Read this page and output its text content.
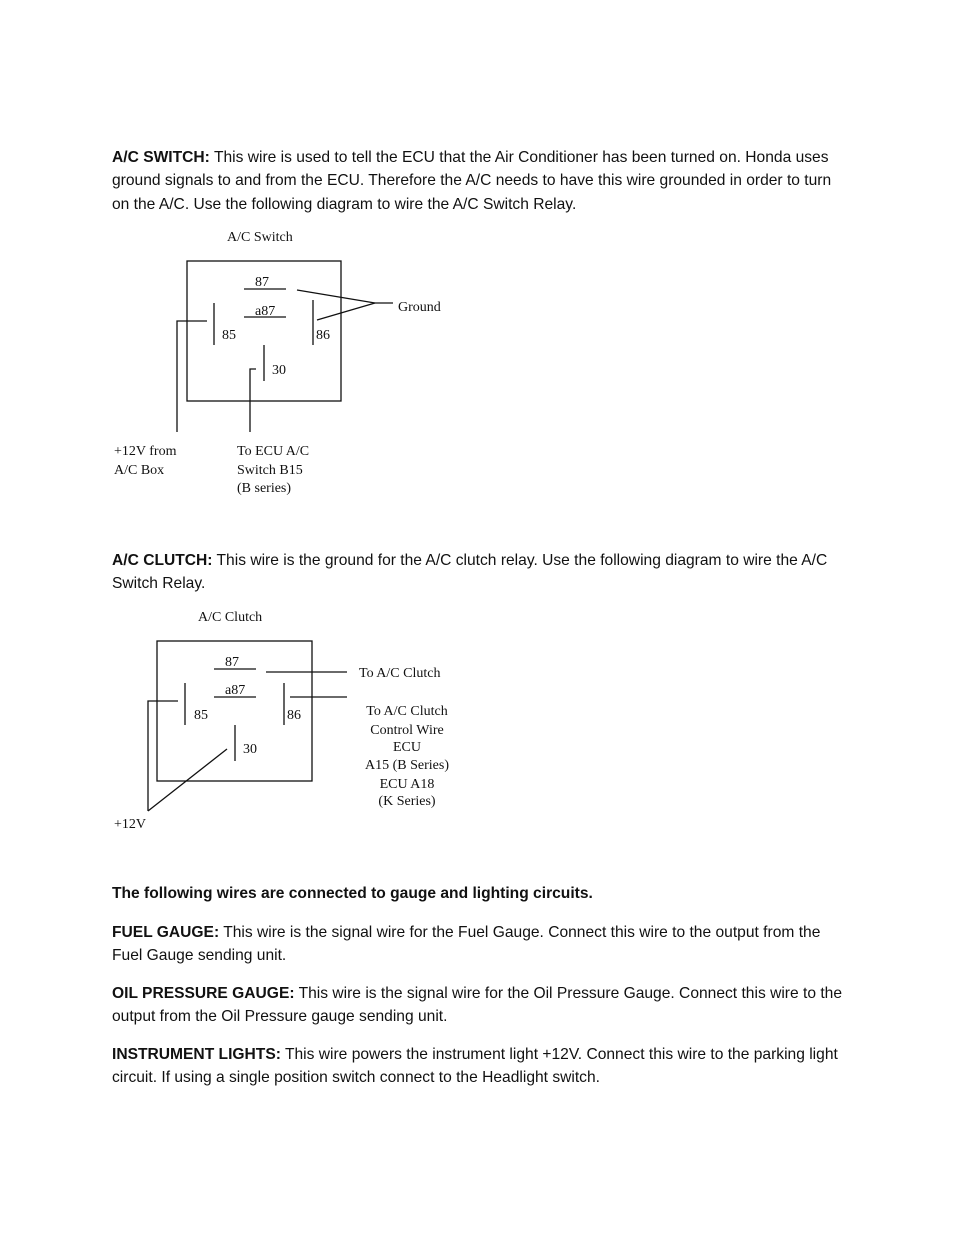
A/C SWITCH: This wire is used to tell the ECU that the Air Conditioner has been turned on. Honda uses ground signals to and from the ECU. Therefore the A/C needs to have this wire grounded in order to turn on the A/C. Use the following diagram to wire the A/C Switch Relay.
A/C CLUTCH: This wire is the ground for the A/C clutch relay. Use the following diagram to wire the A/C Switch Relay.
The following wires are connected to gauge and lighting circuits.
FUEL GAUGE: This wire is the signal wire for the Fuel Gauge. Connect this wire to the output from the Fuel Gauge sending unit.
OIL PRESSURE GAUGE: This wire is the signal wire for the Oil Pressure Gauge. Connect this wire to the output from the Oil Pressure gauge sending unit.
INSTRUMENT LIGHTS: This wire powers the instrument light +12V. Connect this wire to the parking light circuit. If using a single position switch connect to the Headlight switch.
A/C Switch
87
a87
85	86
30
Ground
+12V from
A/C Box
To ECU A/C
Switch B15
(B series)
A/C Clutch
87
a87
85	86
30
To A/C Clutch
To A/C Clutch
Control Wire
ECU
A15 (B Series)
ECU A18
(K Series)
+12V
